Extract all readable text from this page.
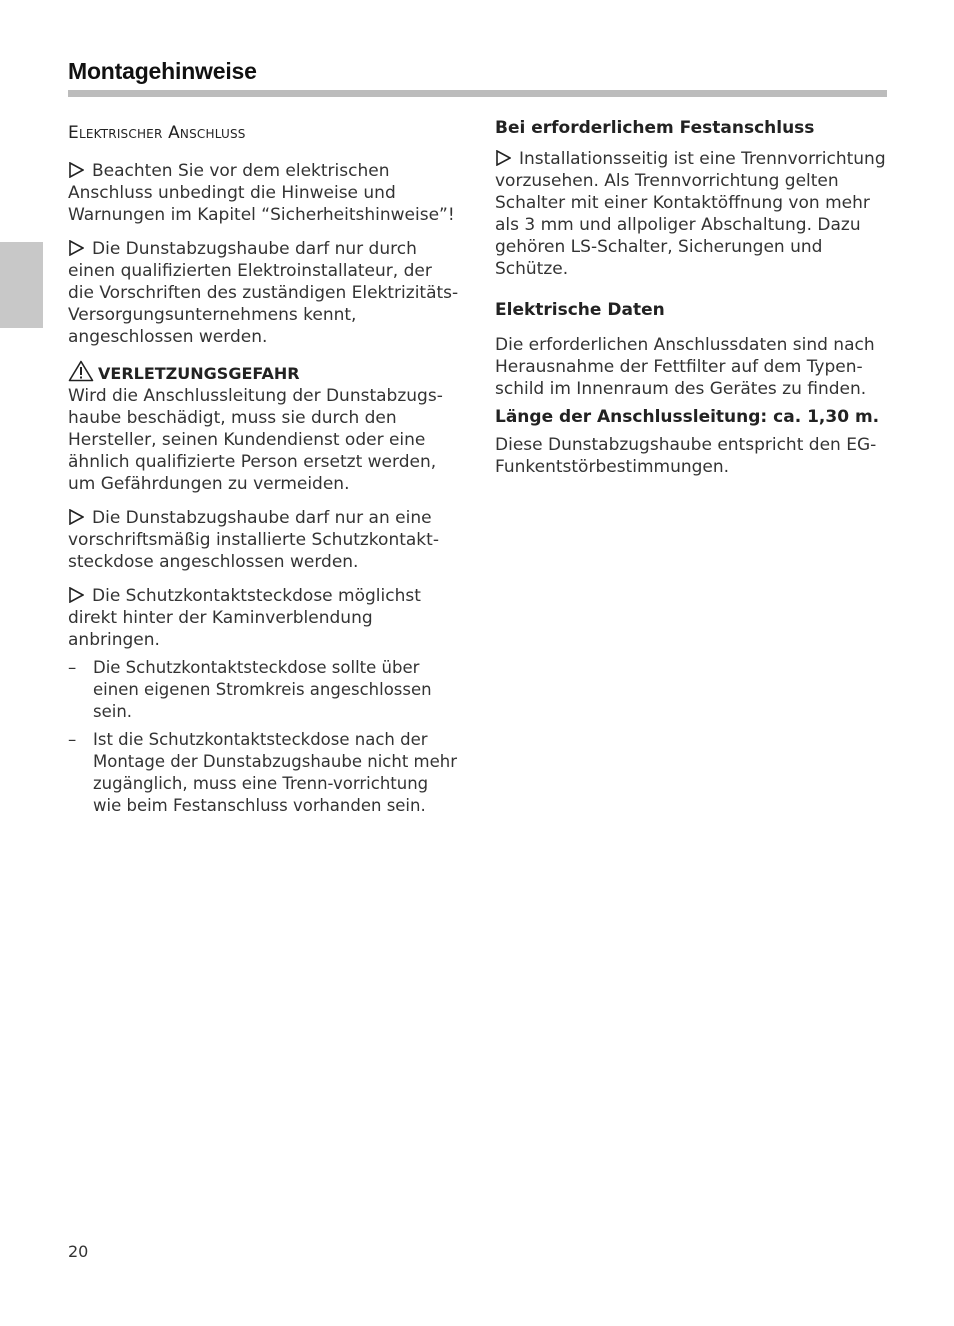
Montagehinweise
Elektrischer Anschluss

Beachten Sie vor dem elektrischen Anschluss unbedingt die Hinweise und Warnungen im Kapitel “Sicherheitshinweise”!

Die Dunstabzugshaube darf nur durch einen qualifizierten Elektroinstallateur, der die Vorschriften des zuständigen Elektrizitäts-Versorgungsunternehmens kennt, angeschlossen werden.

VERLETZUNGSGEFAHR
Wird die Anschlussleitung der Dunstabzugs-haube beschädigt, muss sie durch den Hersteller, seinen Kundendienst oder eine ähnlich qualifizierte Person ersetzt werden, um Gefährdungen zu vermeiden.

Die Dunstabzugshaube darf nur an eine vorschriftsmäßig installierte Schutzkontakt-steckdose angeschlossen werden.

Die Schutzkontaktsteckdose möglichst direkt hinter der Kaminverblendung anbringen.

– Die Schutzkontaktsteckdose sollte über einen eigenen Stromkreis angeschlossen sein.
– Ist die Schutzkontaktsteckdose nach der Montage der Dunstabzugshaube nicht mehr zugänglich, muss eine Trenn-vorrichtung wie beim Festanschluss vorhanden sein.
Bei erforderlichem Festanschluss

Installationsseitig ist eine Trennvorrichtung vorzusehen. Als Trennvorrichtung gelten Schalter mit einer Kontaktöffnung von mehr als 3 mm und allpoliger Abschaltung. Dazu gehören LS-Schalter, Sicherungen und Schütze.

Elektrische Daten

Die erforderlichen Anschlussdaten sind nach Herausnahme der Fettfilter auf dem Typen-schild im Innenraum des Gerätes zu finden.

Länge der Anschlussleitung: ca. 1,30 m.

Diese Dunstabzugshaube entspricht den EG-Funkentstörbestimmungen.

20
